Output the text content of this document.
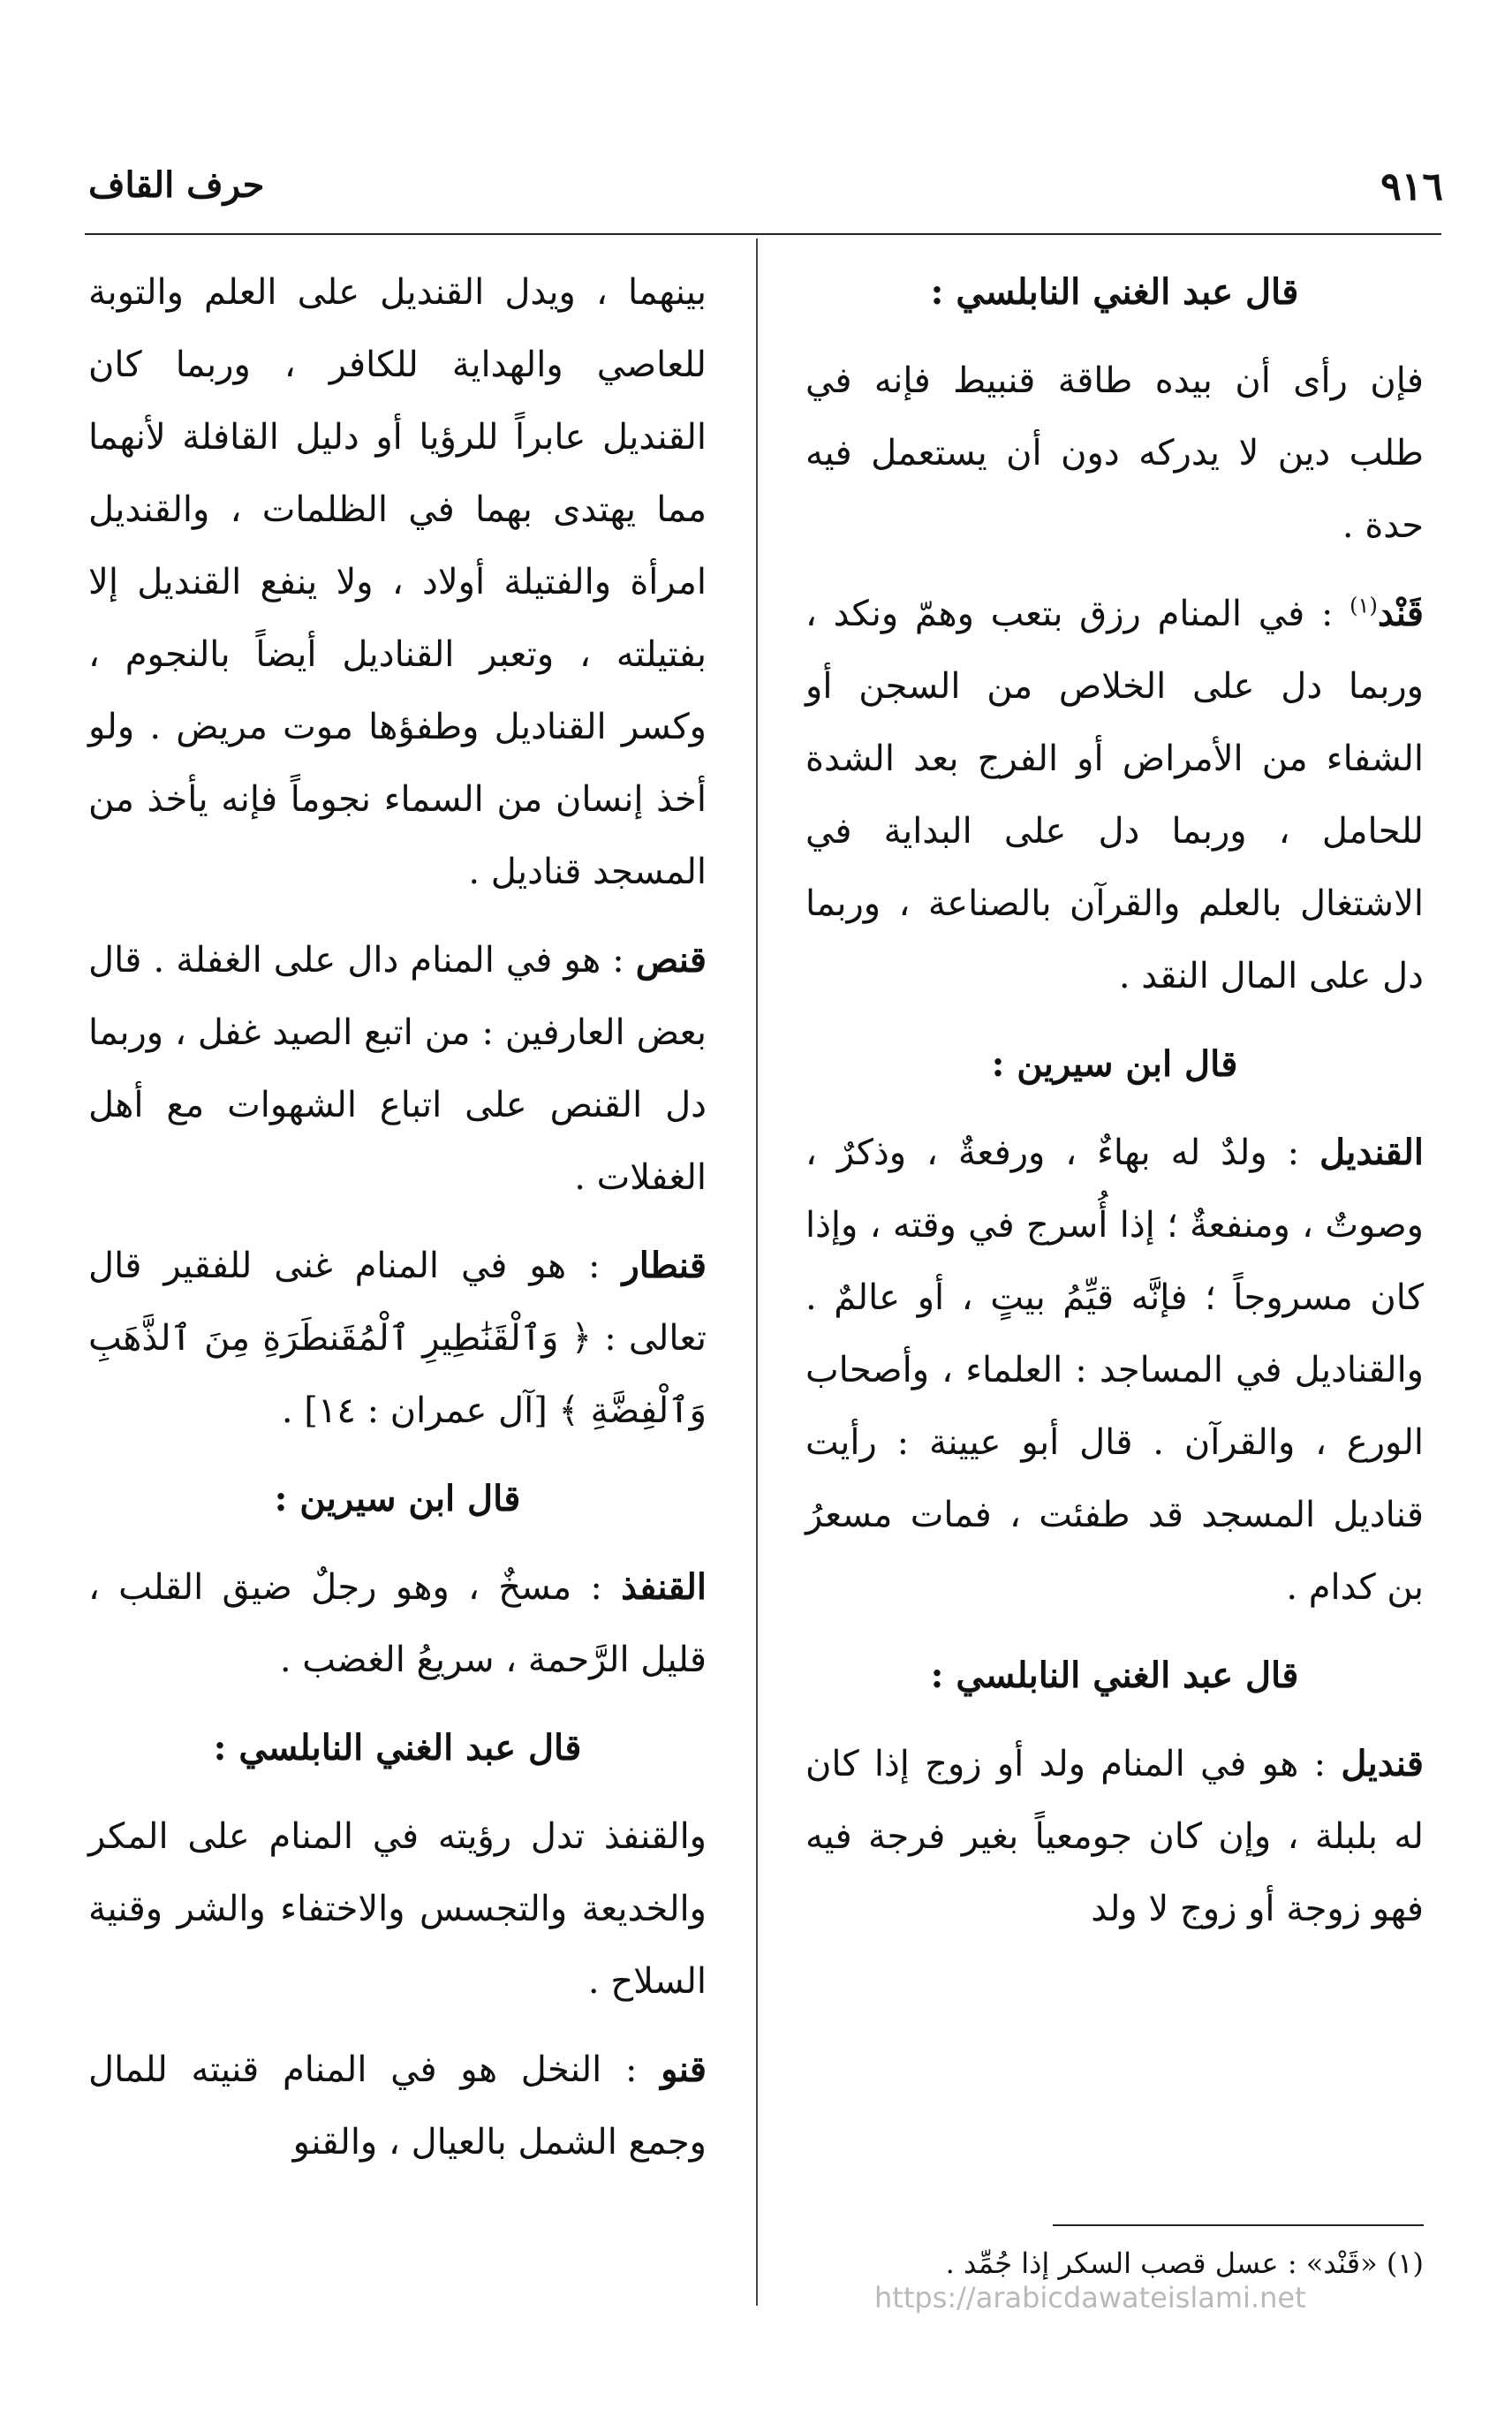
٩١٦
حرف القاف
قال عبد الغني النابلسي :
فإن رأى أن بيده طاقة قنبيط فإنه في طلب دين لا يدركه دون أن يستعمل فيه حدة .
قَنْد$^{(١)}$ : في المنام رزق بتعب وهمّ ونكد ، وربما دل على الخلاص من السجن أو الشفاء من الأمراض أو الفرج بعد الشدة للحامل ، وربما دل على البداية في الاشتغال بالعلم والقرآن بالصناعة ، وربما دل على المال النقد .
قال ابن سيرين :
القنديل : ولدٌ له بهاءٌ ، ورفعةٌ ، وذكرٌ ، وصوتٌ ، ومنفعةٌ ؛ إذا أُسرج في وقته ، وإذا كان مسروجاً ؛ فإنَّه قيِّمُ بيتٍ ، أو عالمٌ . والقناديل في المساجد : العلماء ، وأصحاب الورع ، والقرآن . قال أبو عيينة : رأيت قناديل المسجد قد طفئت ، فمات مسعرُ بن كدام .
قال عبد الغني النابلسي :
قنديل : هو في المنام ولد أو زوج إذا كان له بلبلة ، وإن كان جومعياً بغير فرجة فيه فهو زوجة أو زوج لا ولد
بينهما ، ويدل القنديل على العلم والتوبة للعاصي والهداية للكافر ، وربما كان القنديل عابراً للرؤيا أو دليل القافلة لأنهما مما يهتدى بهما في الظلمات ، والقنديل امرأة والفتيلة أولاد ، ولا ينفع القنديل إلا بفتيلته ، وتعبر القناديل أيضاً بالنجوم ، وكسر القناديل وطفؤها موت مريض . ولو أخذ إنسان من السماء نجوماً فإنه يأخذ من المسجد قناديل .
قنص : هو في المنام دال على الغفلة . قال بعض العارفين : من اتبع الصيد غفل ، وربما دل القنص على اتباع الشهوات مع أهل الغفلات .
قنطار : هو في المنام غنى للفقير قال تعالى : ﴿ وَٱلْقَنَٰطِيرِ ٱلْمُقَنطَرَةِ مِنَ ٱلذَّهَبِ وَٱلْفِضَّةِ ﴾ [آل عمران : ١٤] .
قال ابن سيرين :
القنفذ : مسخٌ ، وهو رجلٌ ضيق القلب ، قليل الرَّحمة ، سريعُ الغضب .
قال عبد الغني النابلسي :
والقنفذ تدل رؤيته في المنام على المكر والخديعة والتجسس والاختفاء والشر وقنية السلاح .
قنو : النخل هو في المنام قنيته للمال وجمع الشمل بالعيال ، والقنو
(١) «قَنْد» : عسل قصب السكر إذا جُمِّد .
https://arabicdawateislami.net
